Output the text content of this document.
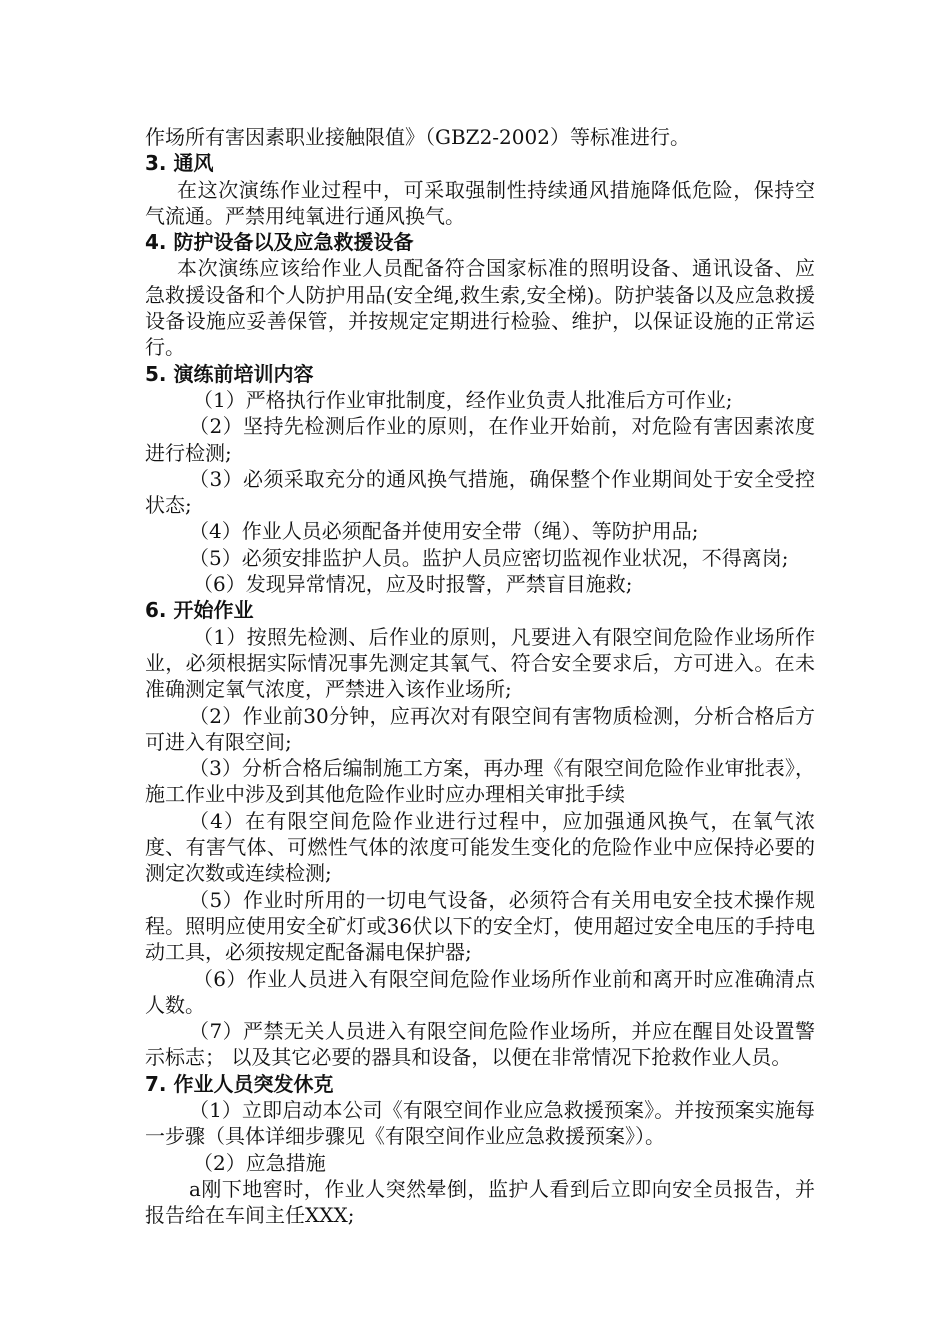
作场所有害因素职业接触限值》（GBZ2-2002）等标准进行。

3. 通风

在这次演练作业过程中，可采取强制性持续通风措施降低危险，保持空气流通。严禁用纯氧进行通风换气。

4. 防护设备以及应急救援设备

本次演练应该给作业人员配备符合国家标准的照明设备、通讯设备、应急救援设备和个人防护用品(安全绳,救生索,安全梯)。防护装备以及应急救援设备设施应妥善保管，并按规定定期进行检验、维护，以保证设施的正常运行。

5. 演练前培训内容

（1）严格执行作业审批制度，经作业负责人批准后方可作业;

（2）坚持先检测后作业的原则，在作业开始前，对危险有害因素浓度进行检测;

（3）必须采取充分的通风换气措施，确保整个作业期间处于安全受控状态;

（4）作业人员必须配备并使用安全带（绳）、等防护用品;

（5）必须安排监护人员。监护人员应密切监视作业状况，不得离岗;

（6）发现异常情况，应及时报警，严禁盲目施救;

6. 开始作业

（1）按照先检测、后作业的原则，凡要进入有限空间危险作业场所作业，必须根据实际情况事先测定其氧气、符合安全要求后，方可进入。在未准确测定氧气浓度，严禁进入该作业场所;

（2）作业前30分钟，应再次对有限空间有害物质检测，分析合格后方可进入有限空间;

（3）分析合格后编制施工方案，再办理《有限空间危险作业审批表》，施工作业中涉及到其他危险作业时应办理相关审批手续

（4）在有限空间危险作业进行过程中，应加强通风换气，在氧气浓度、有害气体、可燃性气体的浓度可能发生变化的危险作业中应保持必要的测定次数或连续检测;

（5）作业时所用的一切电气设备，必须符合有关用电安全技术操作规程。照明应使用安全矿灯或36伏以下的安全灯，使用超过安全电压的手持电动工具，必须按规定配备漏电保护器;

（6）作业人员进入有限空间危险作业场所作业前和离开时应准确清点人数。

（7）严禁无关人员进入有限空间危险作业场所，并应在醒目处设置警示标志； 以及其它必要的器具和设备，以便在非常情况下抢救作业人员。

7. 作业人员突发休克

（1）立即启动本公司《有限空间作业应急救援预案》。并按预案实施每一步骤（具体详细步骤见《有限空间作业应急救援预案》）。

（2）应急措施

a刚下地窖时，作业人突然晕倒，监护人看到后立即向安全员报告，并报告给在车间主任XXX;
